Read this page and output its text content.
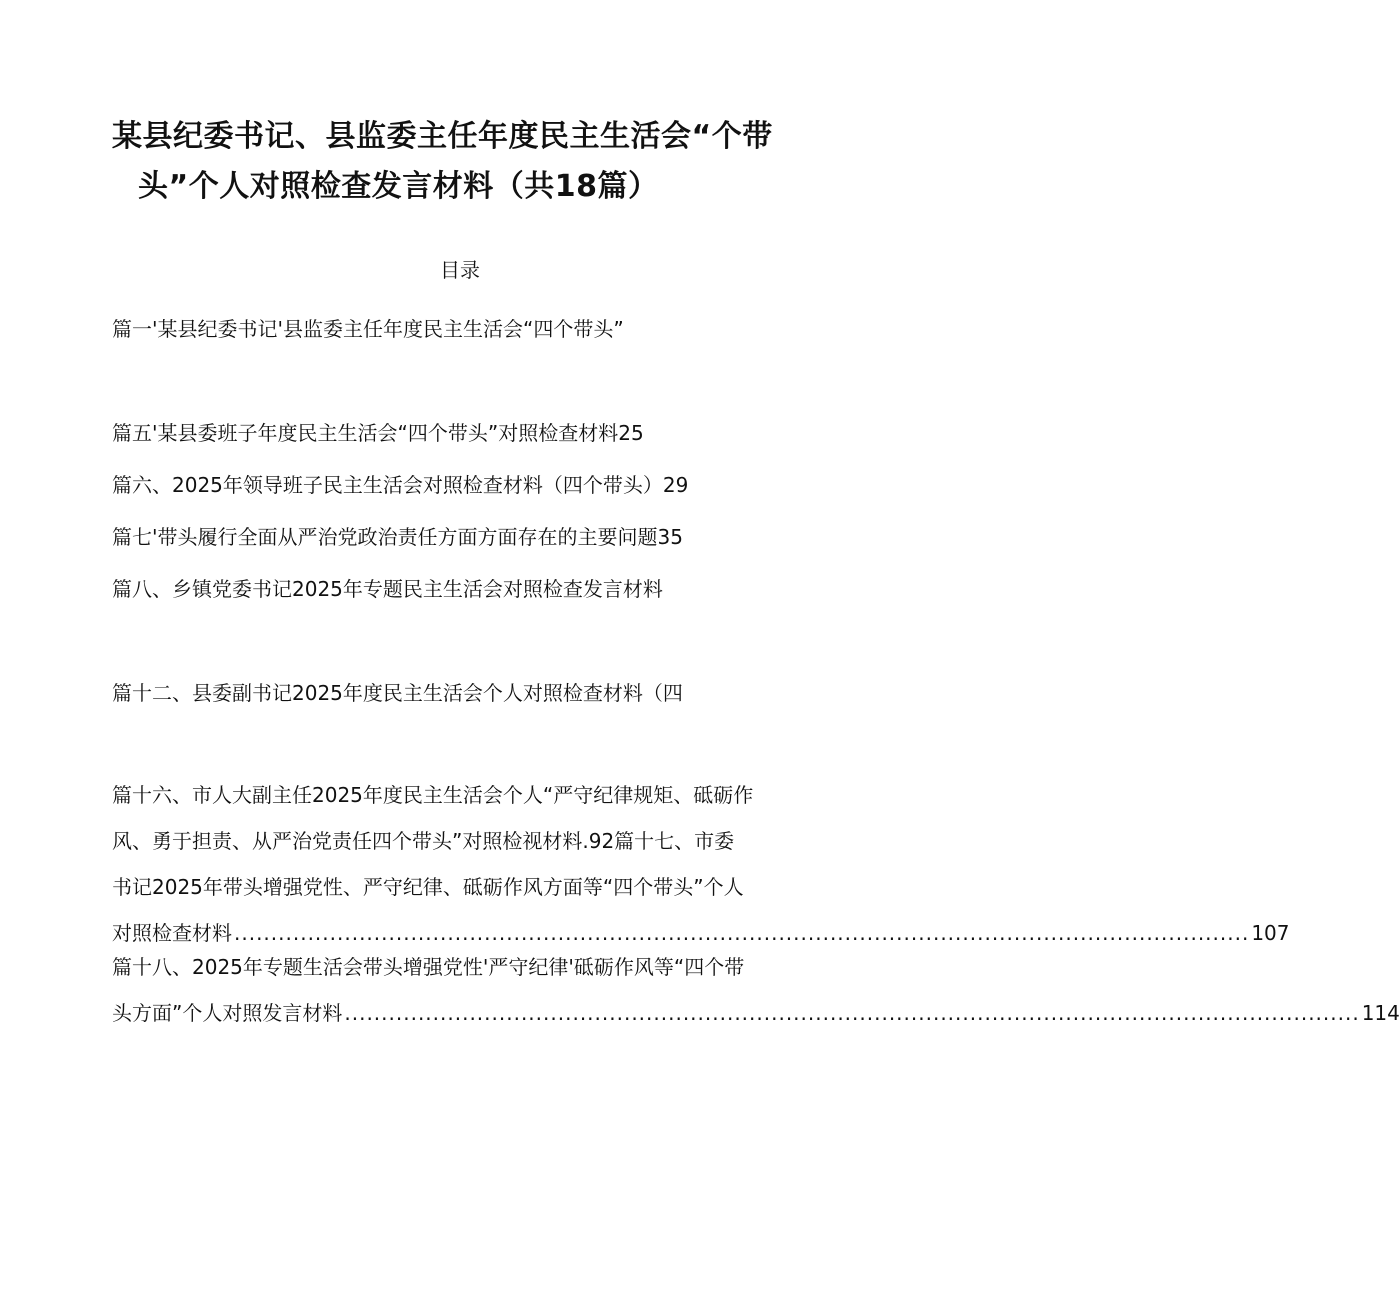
某县纪委书记、县监委主任年度民主生活会“个带
头”个人对照检查发言材料（共18篇）
目录

篇一'某县纪委书记'县监委主任年度民主生活会“四个带头”

篇五'某县委班子年度民主生活会“四个带头”对照检查材料25

篇六、2025年领导班子民主生活会对照检查材料（四个带头）29

篇七'带头履行全面从严治党政治责任方面方面存在的主要问题35

篇八、乡镇党委书记2025年专题民主生活会对照检查发言材料

篇十二、县委副书记2025年度民主生活会个人对照检查材料（四

篇十六、市人大副主任2025年度民主生活会个人“严守纪律规矩、砥砺作
风、勇于担责、从严治党责任四个带头”对照检视材料.92篇十七、市委
书记2025年带头增强党性、严守纪律、砥砺作风方面等“四个带头”个人
对照检查材料 .......................................................................................................................................... 107
篇十八、2025年专题生活会带头增强党性'严守纪律'砥砺作风等“四个带
头方面”个人对照发言材料 .......................................................................................................................................... 114
